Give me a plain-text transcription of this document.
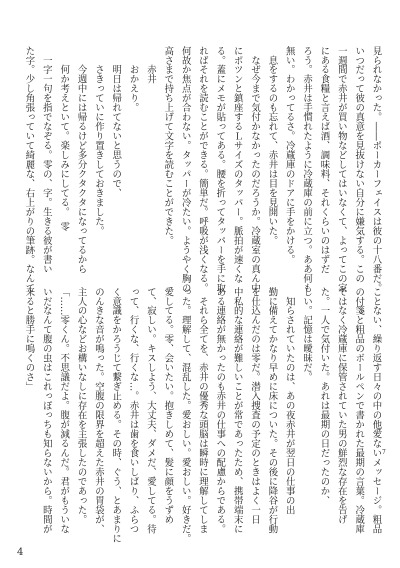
見られなかった。――ポーカーフェイスは彼の十八番だ。
いつだって彼の真意を見抜けない自分に嫌気する。この
一週間で赤井が買い物などしてはいなくて、よってこの家
にある食糧と言えば酒、調味料、それくらいのはずだ
ろう。赤井は手慣れたように冷蔵庫の前に立つ。ああ何も
無い。わかってるさ。冷蔵庫のドアに手をかける。
　息をするのも忘れて、赤井は目を見開いた。
　なぜ今まで気付かなかったのだろうか。冷蔵室の真ん中
にポツンと鎮座するＬサイズのタッパー。脈拍が速くな
る。蓋にメモが貼ってある。腰を折ってタッパーを手に取
ればそれを読むことができる。簡単だ。呼吸が浅くなる。
何故か焦点が合わない。タッパーが冷たい。ようやく胸の
高さまで持ち上げて文字を読むことができた。
　　赤井
　　おかえり。
　　明日は帰れてないと思うので、
　　さきっていに作り置きしておきました。
　　今週中には帰るけど多分クタクタになってるから
　　何か考えといて。楽しみにしてる。　零
　一字一句を指でなぞる。零の、字。生きる彼が書い
た字。少し角張っていて綺麗な、右上がりの筆跡。なんて
ことない、繰り返す日々の中の他愛ないメッセージ。粗品
の付箋と粗品のボールペンで書かれた最期の言葉。冷蔵庫
ではなく冷蔵庫に保管されていた男の鮮烈な存在を告げ
た。一人で気付いた。あれは最期の日だったのか、
しい。記憶は曖昧だ。
　知らされていたのは、あの夜赤井が翌日の仕事の出
勤に備えてかなり早めに床についた。その後に降谷が行動
を仕込んだのは零だ。潜入捜査の予定のときはよく一日
中私的な連絡が難しいことが常であったため、携帯端末に
ある連絡が無かったのも赤井の仕事への配慮からである。
　それら全てを、赤井の優秀な頭脳は瞬時に理解してしま
った。理解して、混乱した。愛おしい。愛おしい。好きだ。
愛してる。零、会いたい。抱きしめて、髪に顔をうずめ
て、寂しい。キスしよう、大丈夫、ダメだ、愛してる。待
って、行くな、行くな…。赤井は歯を食いしばり、ふらつ
く意識をかろうじて繋ぎ止める。その時、ぐう、とあまりに
のんきな音が鳴った。空腹の限界を超えた赤井の胃袋が、
主人の心などお構いなしに存在を主張したのであった。
「……零くん。不思議だよ。腹が減るんだ。君がもういな
いだなんて腹の虫はこれっぽっちも知らないから。時間が
来ると勝手に鳴くのさ」
4
7
